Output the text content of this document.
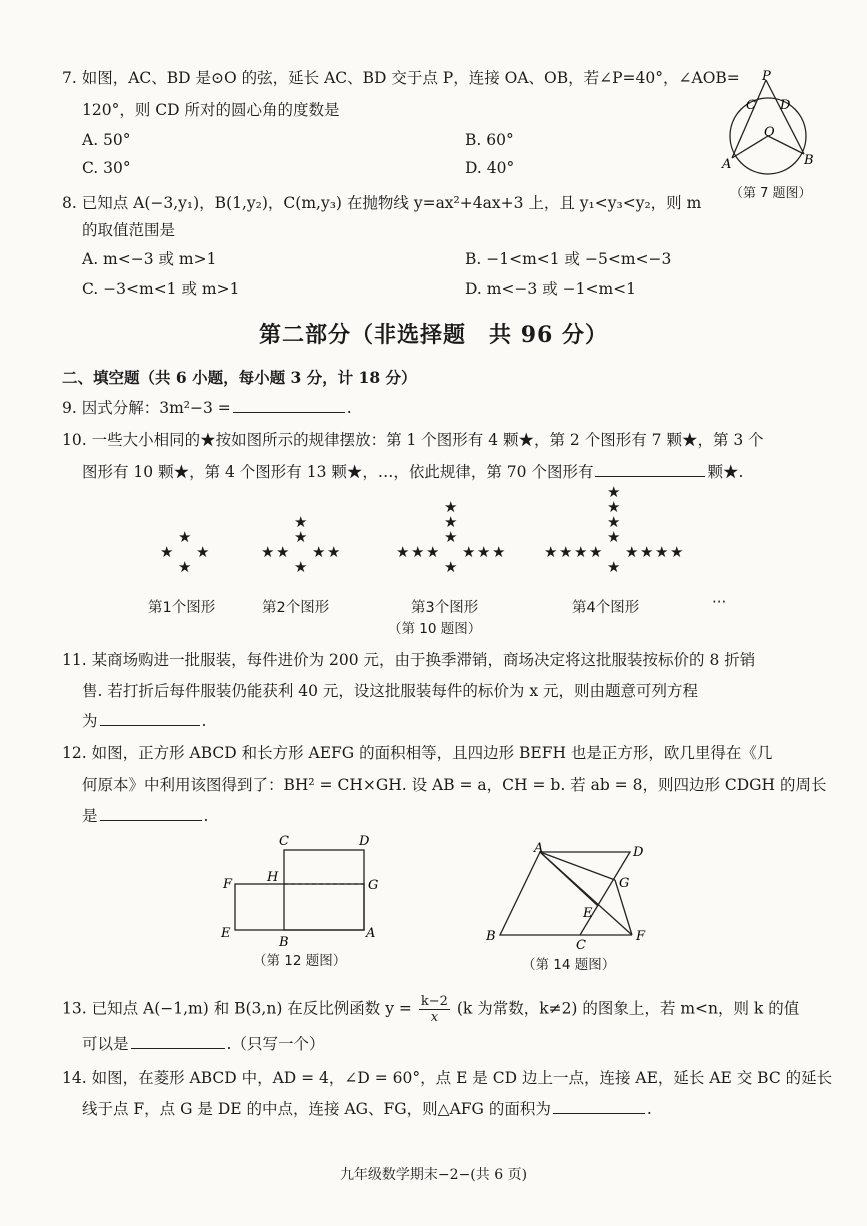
7. 如图，AC、BD 是⊙O 的弦，延长 AC、BD 交于点 P，连接 OA、OB，若∠P=40°，∠AOB=
120°，则 CD 所对的圆心角的度数是
A. 50°	B. 60°
C. 30°	D. 40°
P
C D
O
A	B
（第 7 题图）
8. 已知点 A(−3,y₁)，B(1,y₂)，C(m,y₃) 在抛物线 y=ax²+4ax+3 上，且 y₁<y₃<y₂，则 m
的取值范围是
A. m<−3 或 m>1	B. −1<m<1 或 −5<m<−3
C. −3<m<1 或 m>1	D. m<−3 或 −1<m<1
第二部分（非选择题　共 96 分）
二、填空题（共 6 小题，每小题 3 分，计 18 分）
9. 因式分解：3m²−3 =	.
10. 一些大小相同的★按如图所示的规律摆放：第 1 个图形有 4 颗★，第 2 个图形有 7 颗★，第 3 个
图形有 10 颗★，第 4 个图形有 13 颗★，…，依此规律，第 70 个图形有	颗★.
★ ★
★
★
★ ★
★	★
★
★
★
★ ★
★	★
★	★
★
★
★
★
★ ★
★	★
★	★
★	★
★
★
★
★
★
···
第1个图形	第2个图形	第3个图形	第4个图形
（第 10 题图）
11. 某商场购进一批服装，每件进价为 200 元，由于换季滞销，商场决定将这批服装按标价的 8 折销
售. 若打折后每件服装仍能获利 40 元，设这批服装每件的标价为 x 元，则由题意可列方程
为	.
12. 如图，正方形 ABCD 和长方形 AEFG 的面积相等，且四边形 BEFH 也是正方形，欧几里得在《几
何原本》中利用该图得到了：BH² = CH×GH. 设 AB = a，CH = b. 若 ab = 8，则四边形 CDGH 的周长
是	.
C	D
F	H
G
E
B
A
（第 12 题图）
A	D
G
E
B
C
F
（第 14 题图）
13. 已知点 A(−1,m) 和 B(3,n) 在反比例函数 $y = \frac{k-2}{x} (k$ 为常数，k≠2) 的图象上，若 m<n，则 k 的值
可以是	.（只写一个）
14. 如图，在菱形 ABCD 中，AD = 4，∠D = 60°，点 E 是 CD 边上一点，连接 AE，延长 AE 交 BC 的延长
线于点 F，点 G 是 DE 的中点，连接 AG、FG，则△AFG 的面积为	.
九年级数学期末−2−(共 6 页)
